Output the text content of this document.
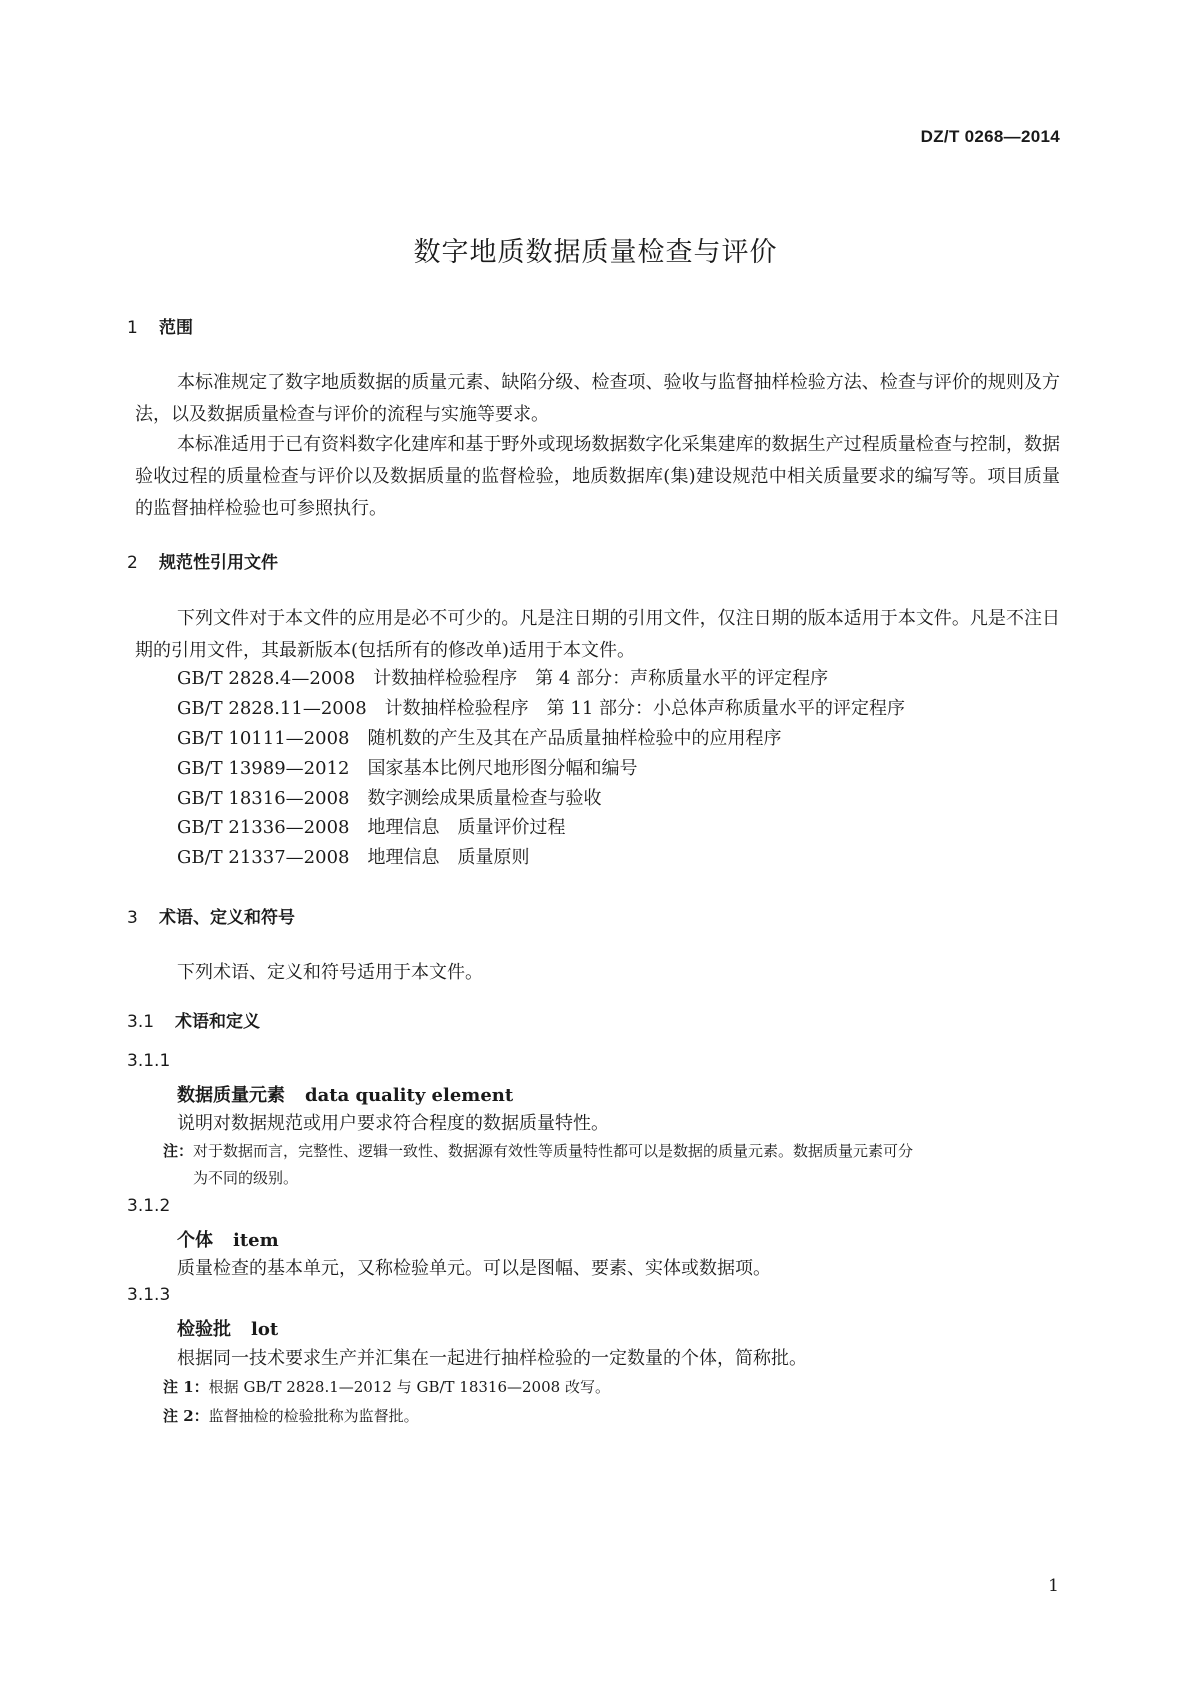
DZ/T 0268—2014
数字地质数据质量检查与评价
1 范围
本标准规定了数字地质数据的质量元素、缺陷分级、检查项、验收与监督抽样检验方法、检查与评价的规则及方法，以及数据质量检查与评价的流程与实施等要求。
本标准适用于已有资料数字化建库和基于野外或现场数据数字化采集建库的数据生产过程质量检查与控制，数据验收过程的质量检查与评价以及数据质量的监督检验，地质数据库(集)建设规范中相关质量要求的编写等。项目质量的监督抽样检验也可参照执行。
2 规范性引用文件
下列文件对于本文件的应用是必不可少的。凡是注日期的引用文件，仅注日期的版本适用于本文件。凡是不注日期的引用文件，其最新版本(包括所有的修改单)适用于本文件。
GB/T 2828.4—2008　计数抽样检验程序　第 4 部分：声称质量水平的评定程序
GB/T 2828.11—2008　计数抽样检验程序　第 11 部分：小总体声称质量水平的评定程序
GB/T 10111—2008　随机数的产生及其在产品质量抽样检验中的应用程序
GB/T 13989—2012　国家基本比例尺地形图分幅和编号
GB/T 18316—2008　数字测绘成果质量检查与验收
GB/T 21336—2008　地理信息　质量评价过程
GB/T 21337—2008　地理信息　质量原则
3 术语、定义和符号
下列术语、定义和符号适用于本文件。
3.1 术语和定义
3.1.1
数据质量元素 data quality element
说明对数据规范或用户要求符合程度的数据质量特性。
注：对于数据而言，完整性、逻辑一致性、数据源有效性等质量特性都可以是数据的质量元素。数据质量元素可分
为不同的级别。
3.1.2
个体 item
质量检查的基本单元，又称检验单元。可以是图幅、要素、实体或数据项。
3.1.3
检验批 lot
根据同一技术要求生产并汇集在一起进行抽样检验的一定数量的个体，简称批。
注 1：根据 GB/T 2828.1—2012 与 GB/T 18316—2008 改写。
注 2：监督抽检的检验批称为监督批。
1
